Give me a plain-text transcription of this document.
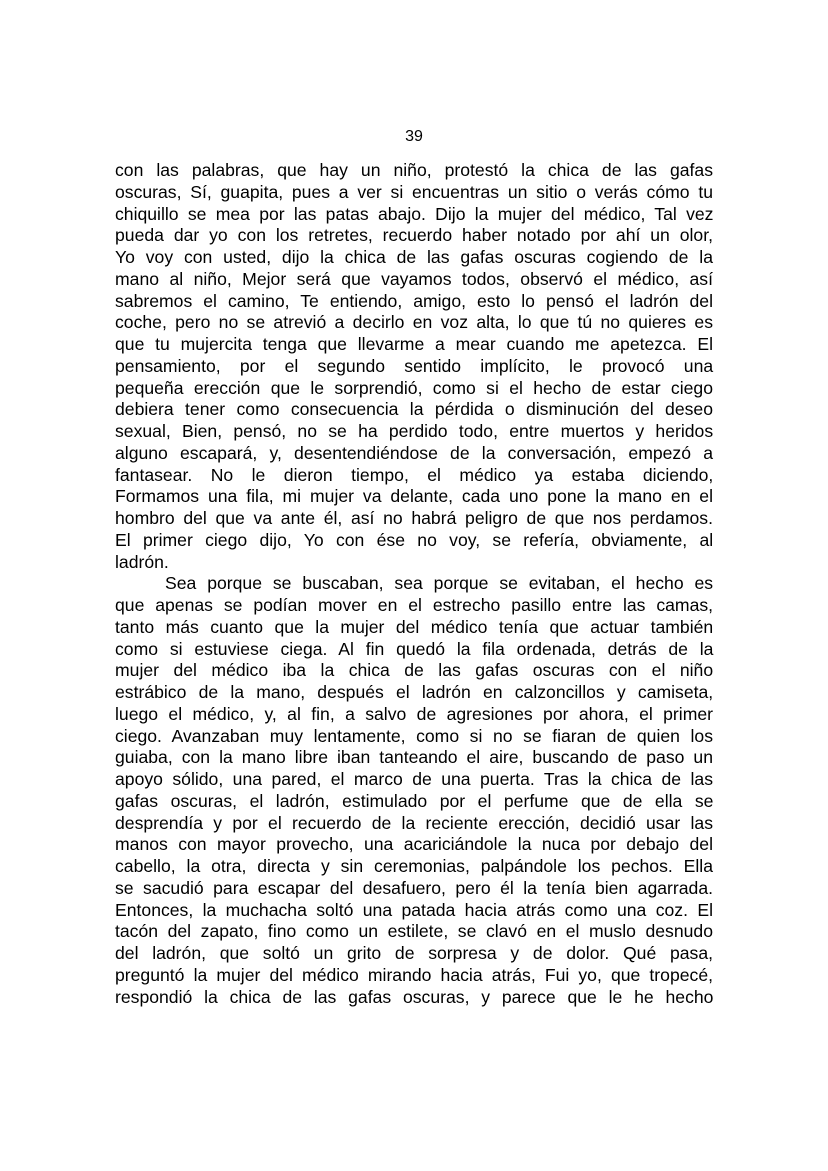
39
con las palabras, que hay un niño, protestó la chica de las gafas
oscuras, Sí, guapita, pues a ver si encuentras un sitio o verás cómo tu
chiquillo se mea por las patas abajo. Dijo la mujer del médico, Tal vez
pueda dar yo con los retretes, recuerdo haber notado por ahí un olor,
Yo voy con usted, dijo la chica de las gafas oscuras cogiendo de la
mano al niño, Mejor será que vayamos todos, observó el médico, así
sabremos el camino, Te entiendo, amigo, esto lo pensó el ladrón del
coche, pero no se atrevió a decirlo en voz alta, lo que tú no quieres es
que tu mujercita tenga que llevarme a mear cuando me apetezca. El
pensamiento, por el segundo sentido implícito, le provocó una
pequeña erección que le sorprendió, como si el hecho de estar ciego
debiera tener como consecuencia la pérdida o disminución del deseo
sexual, Bien, pensó, no se ha perdido todo, entre muertos y heridos
alguno escapará, y, desentendiéndose de la conversación, empezó a
fantasear. No le dieron tiempo, el médico ya estaba diciendo,
Formamos una fila, mi mujer va delante, cada uno pone la mano en el
hombro del que va ante él, así no habrá peligro de que nos perdamos.
El primer ciego dijo, Yo con ése no voy, se refería, obviamente, al
ladrón.
Sea porque se buscaban, sea porque se evitaban, el hecho es
que apenas se podían mover en el estrecho pasillo entre las camas,
tanto más cuanto que la mujer del médico tenía que actuar también
como si estuviese ciega. Al fin quedó la fila ordenada, detrás de la
mujer del médico iba la chica de las gafas oscuras con el niño
estrábico de la mano, después el ladrón en calzoncillos y camiseta,
luego el médico, y, al fin, a salvo de agresiones por ahora, el primer
ciego. Avanzaban muy lentamente, como si no se fiaran de quien los
guiaba, con la mano libre iban tanteando el aire, buscando de paso un
apoyo sólido, una pared, el marco de una puerta. Tras la chica de las
gafas oscuras, el ladrón, estimulado por el perfume que de ella se
desprendía y por el recuerdo de la reciente erección, decidió usar las
manos con mayor provecho, una acariciándole la nuca por debajo del
cabello, la otra, directa y sin ceremonias, palpándole los pechos. Ella
se sacudió para escapar del desafuero, pero él la tenía bien agarrada.
Entonces, la muchacha soltó una patada hacia atrás como una coz. El
tacón del zapato, fino como un estilete, se clavó en el muslo desnudo
del ladrón, que soltó un grito de sorpresa y de dolor. Qué pasa,
preguntó la mujer del médico mirando hacia atrás, Fui yo, que tropecé,
respondió la chica de las gafas oscuras, y parece que le he hecho
